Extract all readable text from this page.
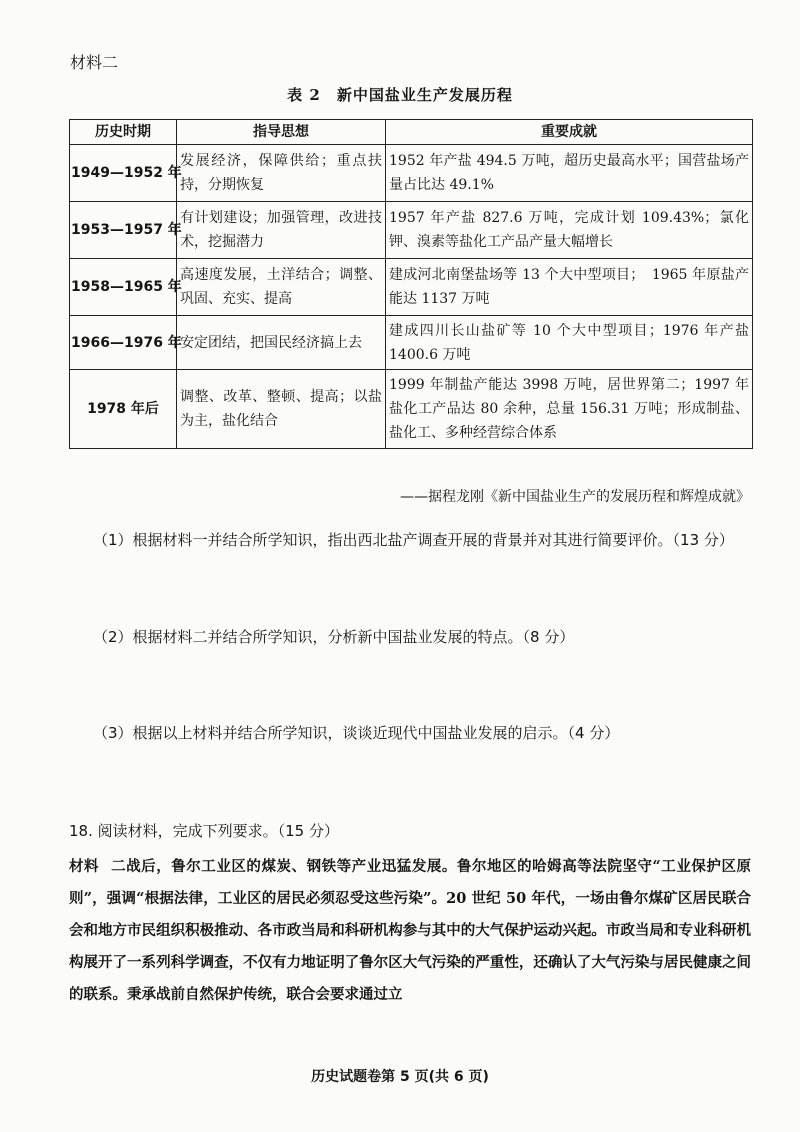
材料二
表 2　新中国盐业生产发展历程
历史时期	指导思想	重要成就
1949—1952 年	发展经济，保障供给；重点扶持，分期恢复	1952 年产盐 494.5 万吨，超历史最高水平；国营盐场产量占比达 49.1%
1953—1957 年	有计划建设；加强管理，改进技术，挖掘潜力	1957 年产盐 827.6 万吨，完成计划 109.43%；氯化钾、溴素等盐化工产品产量大幅增长
1958—1965 年	高速度发展，土洋结合；调整、巩固、充实、提高	建成河北南堡盐场等 13 个大中型项目；　1965 年原盐产能达 1137 万吨
1966—1976 年	安定团结，把国民经济搞上去	建成四川长山盐矿等 10 个大中型项目；1976 年产盐 1400.6 万吨
1978 年后	调整、改革、整顿、提高；以盐为主，盐化结合	1999 年制盐产能达 3998 万吨，居世界第二；1997 年盐化工产品达 80 余种，总量 156.31 万吨；形成制盐、盐化工、多种经营综合体系
——据程龙刚《新中国盐业生产的发展历程和辉煌成就》
（1）根据材料一并结合所学知识，指出西北盐产调查开展的背景并对其进行简要评价。（13 分）
（2）根据材料二并结合所学知识，分析新中国盐业发展的特点。（8 分）
（3）根据以上材料并结合所学知识，谈谈近现代中国盐业发展的启示。（4 分）
18. 阅读材料，完成下列要求。（15 分）
材料 二战后，鲁尔工业区的煤炭、钢铁等产业迅猛发展。鲁尔地区的哈姆高等法院坚守“工业保护区原则”，强调“根据法律，工业区的居民必须忍受这些污染”。20 世纪 50 年代，一场由鲁尔煤矿区居民联合会和地方市民组织积极推动、各市政当局和科研机构参与其中的大气保护运动兴起。市政当局和专业科研机构展开了一系列科学调查，不仅有力地证明了鲁尔区大气污染的严重性，还确认了大气污染与居民健康之间的联系。秉承战前自然保护传统，联合会要求通过立
历史试题卷第 5 页(共 6 页)
